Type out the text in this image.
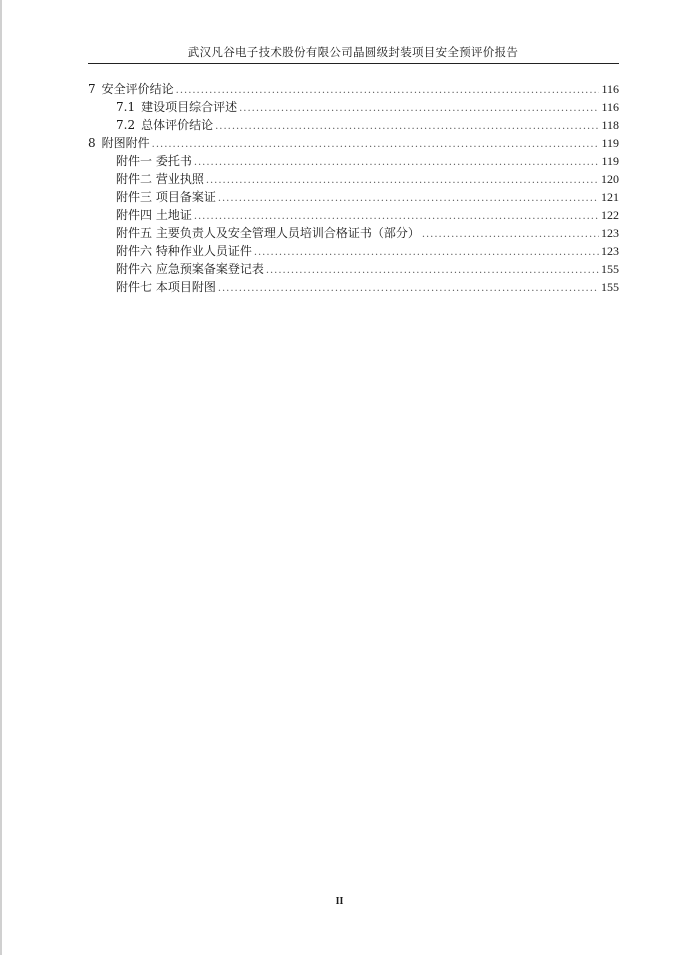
武汉凡谷电子技术股份有限公司晶圆级封装项目安全预评价报告
7 安全评价结论 .....	116
7.1 建设项目综合评述 .....	116
7.2 总体评价结论 .....	118
8 附图附件 .....	119
附件一 委托书 .....	119
附件二 营业执照 .....	120
附件三 项目备案证 .....	121
附件四 土地证 .....	122
附件五 主要负责人及安全管理人员培训合格证书（部分） .....	123
附件六 特种作业人员证件 .....	123
附件六 应急预案备案登记表 .....	155
附件七 本项目附图 .....	155
II
